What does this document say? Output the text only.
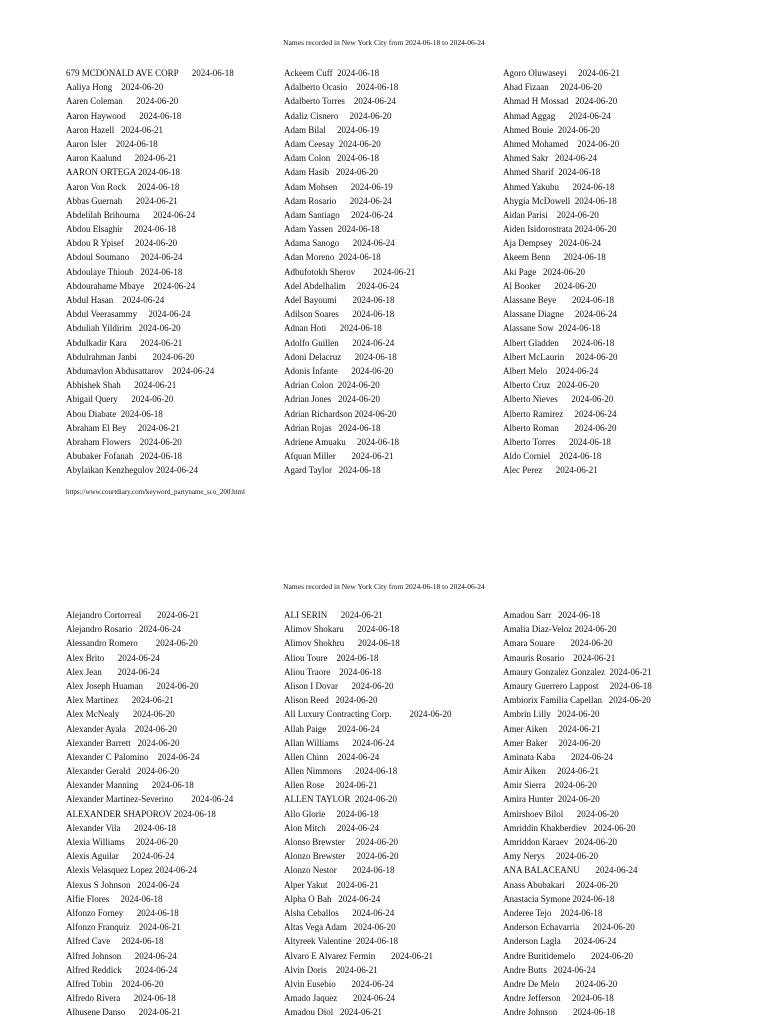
Names recorded in New York City from 2024-06-18 to 2024-06-24
679 MCDONALD AVE CORP      2024-06-18
Aaliya Hong    2024-06-20
Aaren Coleman      2024-06-20
Aaron Haywood      2024-06-18
Aaron Hazell   2024-06-21
Aaron Isler    2024-06-18
Aaron Kaalund      2024-06-21
AARON ORTEGA 2024-06-18
Aaron Von Rock     2024-06-18
Abbas Guernah      2024-06-21
Abdelilah Brihouma      2024-06-24
Abdou Elsaghir     2024-06-18
Abdou R Ypisef     2024-06-20
Abdoul Soumano     2024-06-24
Abdoulaye Thioub   2024-06-18
Abdourahame Mbaye    2024-06-24
Abdul Hasan    2024-06-24
Abdul Veerasammy     2024-06-24
Abduliah Yildirim   2024-06-20
Abdulkadir Kara      2024-06-21
Abdulrahman Janbi       2024-06-20
Abdumavlon Abdusattarov    2024-06-24
Abhishek Shah      2024-06-21
Abigail Query      2024-06-20
Abou Diabate  2024-06-18
Abraham El Bey     2024-06-21
Abraham Flowers    2024-06-20
Abubaker Fofanah   2024-06-18
Abylaikan Kenzhegulov 2024-06-24
Ackeem Cuff  2024-06-18
Adalberto Ocasio    2024-06-18
Adalberto Torres    2024-06-24
Adaliz Cisnero     2024-06-20
Adam Bilal     2024-06-19
Adam Ceesay  2024-06-20
Adam Colon   2024-06-18
Adam Hasib   2024-06-20
Adam Mohsen      2024-06-19
Adam Rosario      2024-06-24
Adam Santiago     2024-06-24
Adam Yassen  2024-06-18
Adama Sanogo      2024-06-24
Adan Moreno  2024-06-18
Adbufotokh Sherov        2024-06-21
Adel Abdelhalim     2024-06-24
Adel Bayoumi       2024-06-18
Adilson Soares      2024-06-18
Adnan Hoti      2024-06-18
Adolfo Guillen      2024-06-24
Adoni Delacruz      2024-06-18
Adonis Infante      2024-06-20
Adrian Colon  2024-06-20
Adrian Jones   2024-06-20
Adrian Richardson 2024-06-20
Adrian Rojas   2024-06-18
Adriene Amuaku     2024-06-18
Afquan Miller       2024-06-21
Agard Taylor   2024-06-18
Agoro Oluwaseyi     2024-06-21
Ahad Fizaan     2024-06-20
Ahmad H Mossad   2024-06-20
Ahmad Aggag      2024-06-24
Ahmed Bouie  2024-06-20
Ahmed Mohamed    2024-06-20
Ahmed Sakr   2024-06-24
Ahmed Sharif  2024-06-18
Ahmed Yakubu      2024-06-18
Ahygia McDowell  2024-06-18
Aidan Parisi    2024-06-20
Aiden Isidorostrata 2024-06-20
Aja Dempsey   2024-06-24
Akeem Benn      2024-06-18
Aki Page   2024-06-20
Al Booker      2024-06-20
Alassane Beye       2024-06-18
Alassane Diagne     2024-06-24
Alassane Sow  2024-06-18
Albert Gladden      2024-06-18
Albert McLaurin     2024-06-20
Albert Melo    2024-06-24
Alberto Cruz   2024-06-20
Alberto Nieves      2024-06-20
Alberto Ramirez     2024-06-24
Alberto Roman       2024-06-20
Alberto Torres      2024-06-18
Aldo Corniel    2024-06-18
Alec Perez      2024-06-21
https://www.courtdiary.com/keyword_partyname_sco_200.html
Names recorded in New York City from 2024-06-18 to 2024-06-24
Alejandro Cortorreal       2024-06-21
Alejandro Rosario   2024-06-24
Alessandro Romero        2024-06-20
Alex Brito      2024-06-24
Alex Jean       2024-06-24
Alex Joseph Huaman      2024-06-20
Alex Martinez      2024-06-21
Alex McNealy      2024-06-20
Alexander Ayala    2024-06-20
Alexander Barrett   2024-06-20
Alexander C Palomino    2024-06-24
Alexander Gerald   2024-06-20
Alexander Manning      2024-06-18
Alexander Martinez-Severino        2024-06-24
ALEXANDER SHAPOROV 2024-06-18
Alexander Vila      2024-06-18
Alexia Williams     2024-06-20
Alexis Aguilar      2024-06-24
Alexis Velasquez Lopez 2024-06-24
Alexus S Johnson   2024-06-24
Alfie Flores     2024-06-18
Alfonzo Forney      2024-06-18
Alfonzo Franquiz    2024-06-21
Alfred Cave     2024-06-18
Alfred Johnson      2024-06-24
Alfred Reddick      2024-06-24
Alfred Tobin    2024-06-20
Alfredo Rivera      2024-06-18
Alhusene Danso      2024-06-21
ALI SERIN      2024-06-21
Alimov Shokaru      2024-06-18
Alimov Shokhru      2024-06-18
Aliou Toure    2024-06-18
Aliou Traore    2024-06-18
Alison I Dovar      2024-06-20
Alison Reed   2024-06-20
All Luxury Contracting Corp.        2024-06-20
Allah Paige     2024-06-24
Allan Williams      2024-06-24
Allen Chinn    2024-06-24
Allen Nimmons      2024-06-18
Allen Rose     2024-06-21
ALLEN TAYLOR  2024-06-20
Allo Glorie     2024-06-18
Alon Mitch     2024-06-24
Alonso Brewster     2024-06-20
Alonzo Brewster     2024-06-20
Alonzo Nestor       2024-06-18
Alper Yakut    2024-06-21
Alpha O Bah   2024-06-24
Alsha Ceballos      2024-06-24
Altas Vega Adam   2024-06-20
Altyreek Valentine  2024-06-18
Alvaro E Alvarez Fermin       2024-06-21
Alvin Doris    2024-06-21
Alvin Eusebio       2024-06-24
Amado Jaquez       2024-06-24
Amadou Diol   2024-06-21
Amadou Sarr   2024-06-18
Amalia Diaz-Veloz 2024-06-20
Amara Souare       2024-06-20
Amauris Rosario    2024-06-21
Amaury Gonzalez Gonzalez  2024-06-21
Amaury Guerrero Lappost     2024-06-18
Ambiorix Familia Capellan   2024-06-20
Ambrin Lilly   2024-06-20
Amer Aiken     2024-06-21
Amer Baker     2024-06-20
Aminata Kaba       2024-06-24
Amir Aiken     2024-06-21
Amir Sierra    2024-06-20
Amira Hunter  2024-06-20
Amirshoev Bilol      2024-06-20
Amriddin Khakberdiev   2024-06-20
Amriddon Karaev   2024-06-20
Amy Nerys     2024-06-20
ANA BALACEANU       2024-06-24
Anass Abubakari     2024-06-20
Anastacia Symone 2024-06-18
Anderee Tejo    2024-06-18
Anderson Echavarria      2024-06-20
Anderson Lagla      2024-06-24
Andre Buritidemelo       2024-06-20
Andre Butts   2024-06-24
Andre De Melo       2024-06-20
Andre Jefferson     2024-06-18
Andre Johnson       2024-06-18
